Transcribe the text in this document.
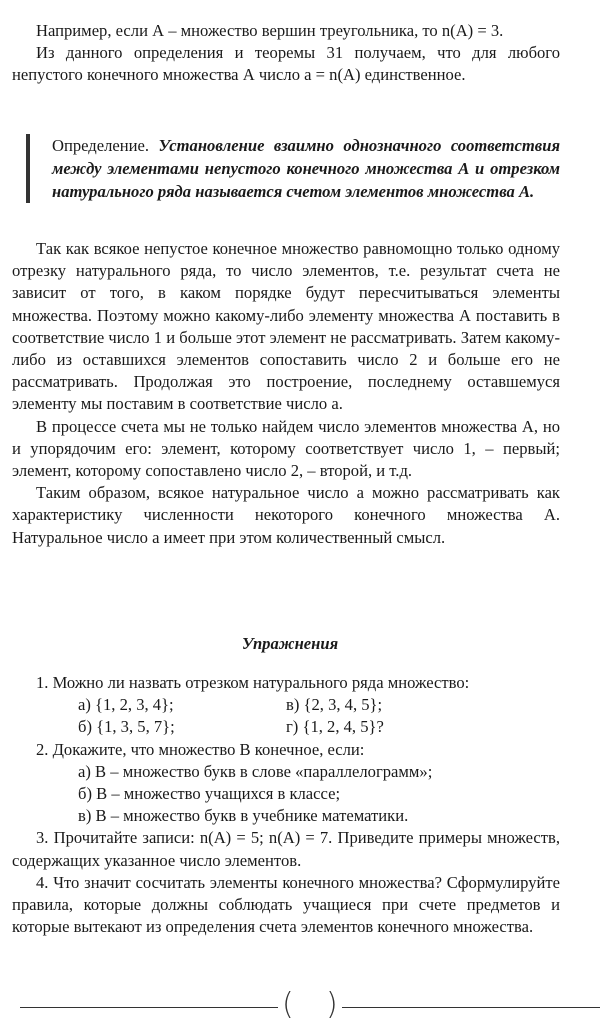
Например, если А – множество вершин треугольника, то n(А) = 3.

Из данного определения и теоремы 31 получаем, что для любого непустого конечного множества А число а = n(А) единственное.

Определение. Установление взаимно однозначного соответствия между элементами непустого конечного множества А и отрезком натурального ряда называется счетом элементов множества А.

Так как всякое непустое конечное множество равномощно только одному отрезку натурального ряда, то число элементов, т.е. результат счета не зависит от того, в каком порядке будут пересчитываться элементы множества. Поэтому можно какому-либо элементу множества А поставить в соответствие число 1 и больше этот элемент не рассматривать. Затем какому-либо из оставшихся элементов сопоставить число 2 и больше его не рассматривать. Продолжая это построение, последнему оставшемуся элементу мы поставим в соответствие число а.

В процессе счета мы не только найдем число элементов множества А, но и упорядочим его: элемент, которому соответствует число 1, – первый; элемент, которому сопоставлено число 2, – второй, и т.д.

Таким образом, всякое натуральное число а можно рассматривать как характеристику численности некоторого конечного множества А. Натуральное число а имеет при этом количественный смысл.

Упражнения
1. Можно ли назвать отрезком натурального ряда множество:
а) {1, 2, 3, 4};	в) {2, 3, 4, 5};
б) {1, 3, 5, 7};	г) {1, 2, 4, 5}?
2. Докажите, что множество В конечное, если:
а) В – множество букв в слове «параллелограмм»;
б) В – множество учащихся в классе;
в) В – множество букв в учебнике математики.

3. Прочитайте записи: n(А) = 5; n(А) = 7. Приведите примеры множеств, содержащих указанное число элементов.

4. Что значит сосчитать элементы конечного множества? Сформулируйте правила, которые должны соблюдать учащиеся при счете предметов и которые вытекают из определения счета элементов конечного множества.

( )
